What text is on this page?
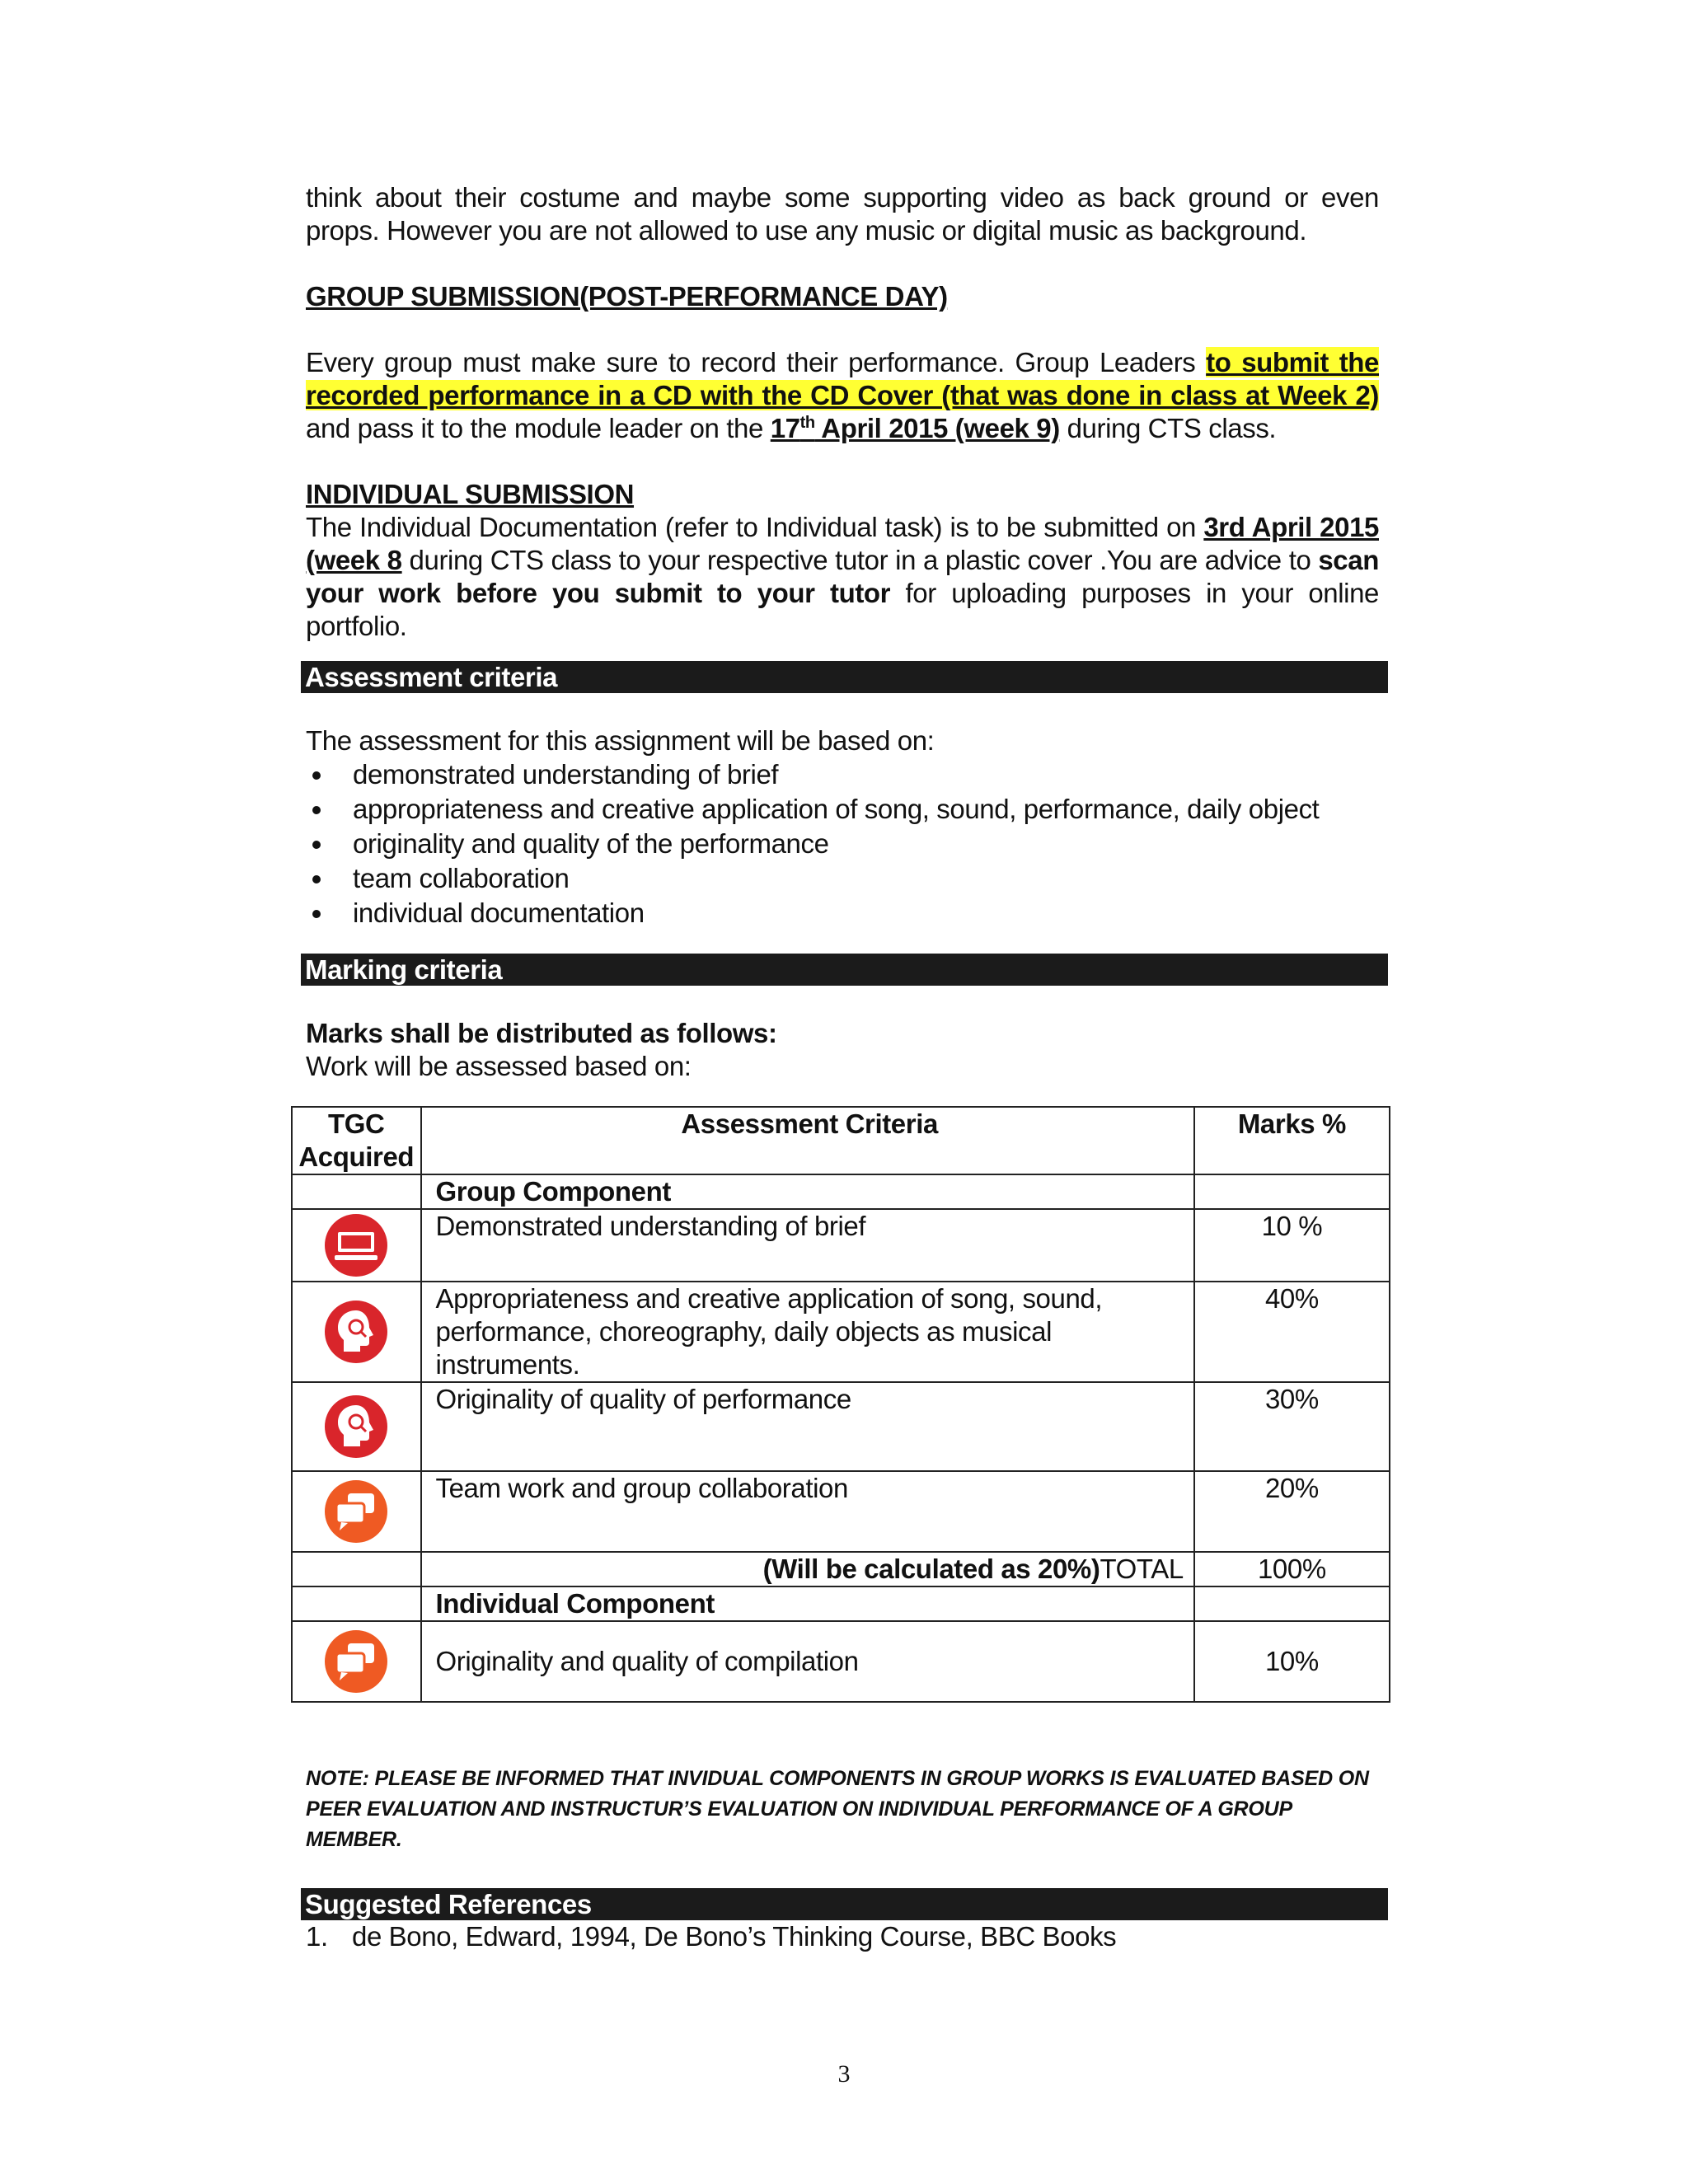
think about their costume and maybe some supporting video as back ground or even props. However you are not allowed to use any music or digital music as background.

GROUP SUBMISSION(POST-PERFORMANCE DAY)

Every group must make sure to record their performance. Group Leaders to submit the recorded performance in a CD with the CD Cover (that was done in class at Week 2) and pass it to the module leader on the 17th April 2015 (week 9) during CTS class.

INDIVIDUAL SUBMISSION

The Individual Documentation (refer to Individual task) is to be submitted on 3rd April 2015 (week 8 during CTS class to your respective tutor in a plastic cover .You are advice to scan your work before you submit to your tutor for uploading purposes in your online portfolio.

Assessment criteria

The assessment for this assignment will be based on:

demonstrated understanding of brief
appropriateness and creative application of song, sound, performance, daily object
originality and quality of the performance
team collaboration
individual documentation
Marking criteria

Marks shall be distributed as follows:

Work will be assessed based on:

TGC Acquired	Assessment Criteria	Marks %
	Group Component	
	Demonstrated understanding of brief	10 %
	Appropriateness and creative application of song, sound, performance, choreography, daily objects as musical instruments.	40%
	Originality of quality of performance	30%
	Team work and group collaboration	20%
	(Will be calculated as 20%)TOTAL	100%
	Individual Component	
	Originality and quality of compilation	10%

NOTE: PLEASE BE INFORMED THAT INVIDUAL COMPONENTS IN GROUP WORKS IS EVALUATED BASED ON PEER EVALUATION AND INSTRUCTUR’S EVALUATION ON INDIVIDUAL PERFORMANCE OF A GROUP MEMBER.

Suggested References

1. de Bono, Edward, 1994, De Bono’s Thinking Course, BBC Books

3
